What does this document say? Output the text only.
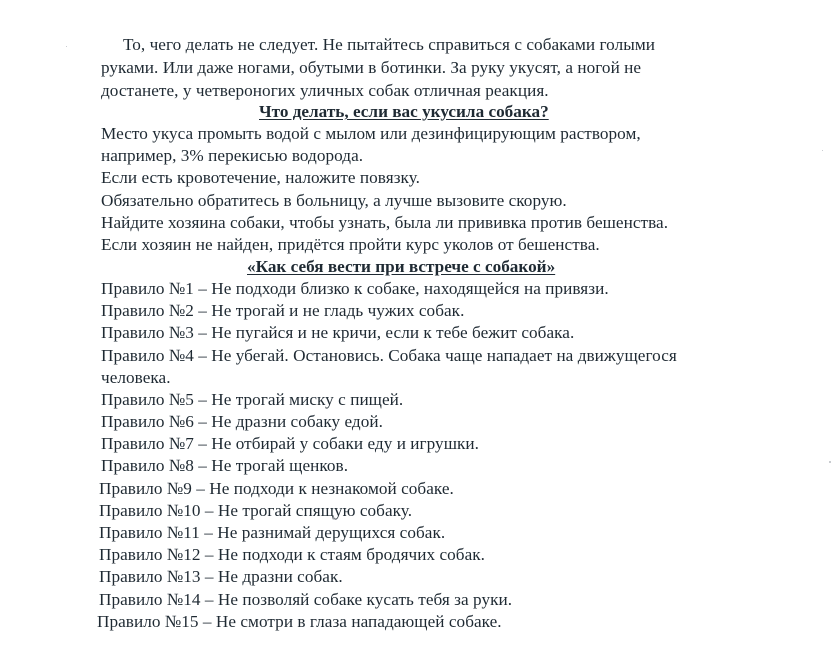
То, чего делать не следует. Не пытайтесь справиться с собаками голыми
руками. Или даже ногами, обутыми в ботинки. За руку укусят, а ногой не
достанете, у четвероногих уличных собак отличная реакция.
Что делать, если вас укусила собака?
Место укуса промыть водой с мылом или дезинфицирующим раствором,
например, 3% перекисью водорода.
Если есть кровотечение, наложите повязку.
Обязательно обратитесь в больницу, а лучше вызовите скорую.
Найдите хозяина собаки, чтобы узнать, была ли прививка против бешенства.
Если хозяин не найден, придётся пройти курс уколов от бешенства.
«Как себя вести при встрече с собакой»
Правило №1 – Не подходи близко к собаке, находящейся на привязи.
Правило №2 – Не трогай и не гладь чужих собак.
Правило №3 – Не пугайся и не кричи, если к тебе бежит собака.
Правило №4 – Не убегай. Остановись. Собака чаще нападает на движущегося
человека.
Правило №5 – Не трогай миску с пищей.
Правило №6 – Не дразни собаку едой.
Правило №7 – Не отбирай у собаки еду и игрушки.
Правило №8 – Не трогай щенков.
Правило №9 – Не подходи к незнакомой собаке.
Правило №10 – Не трогай спящую собаку.
Правило №11 – Не разнимай дерущихся собак.
Правило №12 – Не подходи к стаям бродячих собак.
Правило №13 – Не дразни собак.
Правило №14 – Не позволяй собаке кусать тебя за руки.
Правило №15 – Не смотри в глаза нападающей собаке.
